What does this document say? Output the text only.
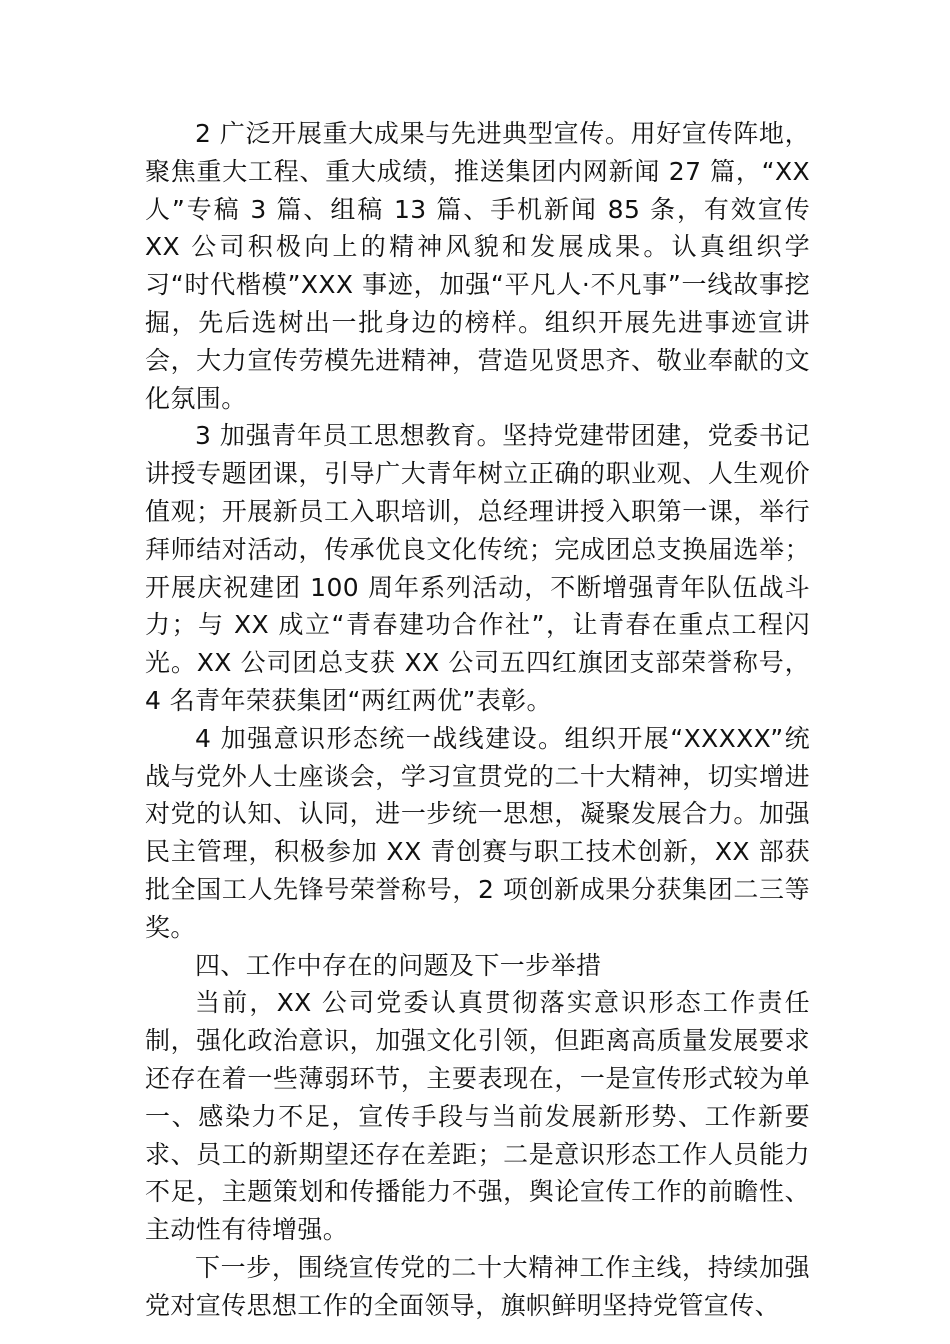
2 广泛开展重大成果与先进典型宣传。用好宣传阵地，聚焦重大工程、重大成绩，推送集团内网新闻 27 篇，“XX 人”专稿 3 篇、组稿 13 篇、手机新闻 85 条，有效宣传 XX 公司积极向上的精神风貌和发展成果。认真组织学习“时代楷模”XXX 事迹，加强“平凡人·不凡事”一线故事挖掘，先后选树出一批身边的榜样。组织开展先进事迹宣讲会，大力宣传劳模先进精神，营造见贤思齐、敬业奉献的文化氛围。

3 加强青年员工思想教育。坚持党建带团建，党委书记讲授专题团课，引导广大青年树立正确的职业观、人生观价值观；开展新员工入职培训，总经理讲授入职第一课，举行拜师结对活动，传承优良文化传统；完成团总支换届选举；开展庆祝建团 100 周年系列活动，不断增强青年队伍战斗力；与 XX 成立“青春建功合作社”，让青春在重点工程闪光。XX 公司团总支获 XX 公司五四红旗团支部荣誉称号，4 名青年荣获集团“两红两优”表彰。

4 加强意识形态统一战线建设。组织开展“XXXXX”统战与党外人士座谈会，学习宣贯党的二十大精神，切实增进对党的认知、认同，进一步统一思想，凝聚发展合力。加强民主管理，积极参加 XX 青创赛与职工技术创新，XX 部获批全国工人先锋号荣誉称号，2 项创新成果分获集团二三等奖。

四、工作中存在的问题及下一步举措

当前，XX 公司党委认真贯彻落实意识形态工作责任制，强化政治意识，加强文化引领，但距离高质量发展要求还存在着一些薄弱环节，主要表现在，一是宣传形式较为单一、感染力不足，宣传手段与当前发展新形势、工作新要求、员工的新期望还存在差距；二是意识形态工作人员能力不足，主题策划和传播能力不强，舆论宣传工作的前瞻性、主动性有待增强。

下一步，围绕宣传党的二十大精神工作主线，持续加强党对宣传思想工作的全面领导，旗帜鲜明坚持党管宣传、
